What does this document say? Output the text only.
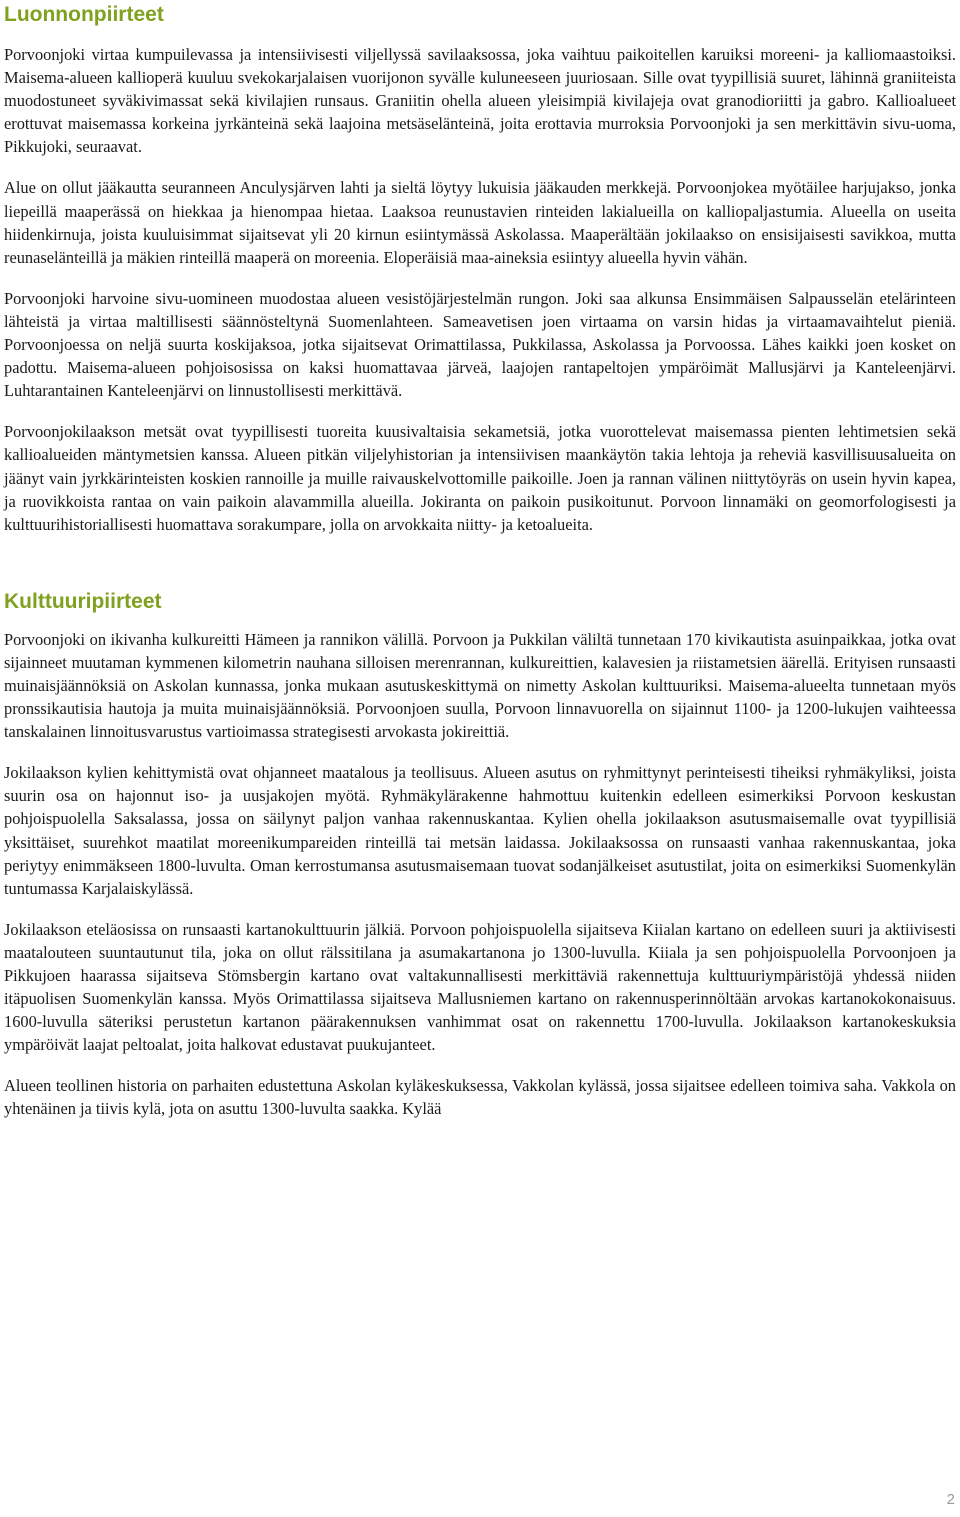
Luonnonpiirteet

Porvoonjoki virtaa kumpuilevassa ja intensiivisesti viljellyssä savilaaksossa, joka vaihtuu paikoitellen karuiksi moreeni- ja kalliomaastoiksi. Maisema-alueen kallioperä kuuluu svekokarjalaisen vuorijonon syvälle kuluneeseen juuriosaan. Sille ovat tyypillisiä suuret, lähinnä graniiteista muodostuneet syväkivimassat sekä kivilajien runsaus. Graniitin ohella alueen yleisimpiä kivilajeja ovat granodioriitti ja gabro. Kallioalueet erottuvat maisemassa korkeina jyrkänteinä sekä laajoina metsäselänteinä, joita erottavia murroksia Porvoonjoki ja sen merkittävin sivu-uoma, Pikkujoki, seuraavat.

Alue on ollut jääkautta seuranneen Anculysjärven lahti ja sieltä löytyy lukuisia jääkauden merkkejä. Porvoonjokea myötäilee harjujakso, jonka liepeillä maaperässä on hiekkaa ja hienompaa hietaa. Laaksoa reunustavien rinteiden lakialueilla on kalliopaljastumia. Alueella on useita hiidenkirnuja, joista kuuluisimmat sijaitsevat yli 20 kirnun esiintymässä Askolassa. Maaperältään jokilaakso on ensisijaisesti savikkoa, mutta reunaselänteillä ja mäkien rinteillä maaperä on moreenia. Eloperäisiä maa-aineksia esiintyy alueella hyvin vähän.

Porvoonjoki harvoine sivu-uomineen muodostaa alueen vesistöjärjestelmän rungon. Joki saa alkunsa Ensimmäisen Salpausselän etelärinteen lähteistä ja virtaa maltillisesti säännösteltynä Suomenlahteen. Sameavetisen joen virtaama on varsin hidas ja virtaamavaihtelut pieniä. Porvoonjoessa on neljä suurta koskijaksoa, jotka sijaitsevat Orimattilassa, Pukkilassa, Askolassa ja Porvoossa. Lähes kaikki joen kosket on padottu. Maisema-alueen pohjoisosissa on kaksi huomattavaa järveä, laajojen rantapeltojen ympäröimät Mallusjärvi ja Kanteleenjärvi. Luhtarantainen Kanteleenjärvi on linnustollisesti merkittävä.

Porvoonjokilaakson metsät ovat tyypillisesti tuoreita kuusivaltaisia sekametsiä, jotka vuorottelevat maisemassa pienten lehtimetsien sekä kallioalueiden mäntymetsien kanssa. Alueen pitkän viljelyhistorian ja intensiivisen maankäytön takia lehtoja ja reheviä kasvillisuusalueita on jäänyt vain jyrkkärinteisten koskien rannoille ja muille raivauskelvottomille paikoille. Joen ja rannan välinen niittytöyräs on usein hyvin kapea, ja ruovikkoista rantaa on vain paikoin alavammilla alueilla. Jokiranta on paikoin pusikoitunut. Porvoon linnamäki on geomorfologisesti ja kulttuurihistoriallisesti huomattava sorakumpare, jolla on arvokkaita niitty- ja ketoalueita.

Kulttuuripiirteet

Porvoonjoki on ikivanha kulkureitti Hämeen ja rannikon välillä. Porvoon ja Pukkilan väliltä tunnetaan 170 kivikautista asuinpaikkaa, jotka ovat sijainneet muutaman kymmenen kilometrin nauhana silloisen merenrannan, kulkureittien, kalavesien ja riistametsien äärellä. Erityisen runsaasti muinaisjäännöksiä on Askolan kunnassa, jonka mukaan asutuskeskittymä on nimetty Askolan kulttuuriksi. Maisema-alueelta tunnetaan myös pronssikautisia hautoja ja muita muinaisjäännöksiä. Porvoonjoen suulla, Porvoon linnavuorella on sijainnut 1100- ja 1200-lukujen vaihteessa tanskalainen linnoitusvarustus vartioimassa strategisesti arvokasta jokireittiä.

Jokilaakson kylien kehittymistä ovat ohjanneet maatalous ja teollisuus. Alueen asutus on ryhmittynyt perinteisesti tiheiksi ryhmäkyliksi, joista suurin osa on hajonnut iso- ja uusjakojen myötä. Ryhmäkylärakenne hahmottuu kuitenkin edelleen esimerkiksi Porvoon keskustan pohjoispuolella Saksalassa, jossa on säilynyt paljon vanhaa rakennuskantaa. Kylien ohella jokilaakson asutusmaisemalle ovat tyypillisiä yksittäiset, suurehkot maatilat moreenikumpareiden rinteillä tai metsän laidassa. Jokilaaksossa on runsaasti vanhaa rakennuskantaa, joka periytyy enimmäkseen 1800-luvulta. Oman kerrostumansa asutusmaisemaan tuovat sodanjälkeiset asutustilat, joita on esimerkiksi Suomenkylän tuntumassa Karjalaiskylässä.

Jokilaakson eteläosissa on runsaasti kartanokulttuurin jälkiä. Porvoon pohjoispuolella sijaitseva Kiialan kartano on edelleen suuri ja aktiivisesti maatalouteen suuntautunut tila, joka on ollut rälssitilana ja asumakartanona jo 1300-luvulla. Kiiala ja sen pohjoispuolella Porvoonjoen ja Pikkujoen haarassa sijaitseva Stömsbergin kartano ovat valtakunnallisesti merkittäviä rakennettuja kulttuuriympäristöjä yhdessä niiden itäpuolisen Suomenkylän kanssa. Myös Orimattilassa sijaitseva Mallusniemen kartano on rakennusperinnöltään arvokas kartanokokonaisuus. 1600-luvulla säteriksi perustetun kartanon päärakennuksen vanhimmat osat on rakennettu 1700-luvulla. Jokilaakson kartanokeskuksia ympäröivät laajat peltoalat, joita halkovat edustavat puukujanteet.

Alueen teollinen historia on parhaiten edustettuna Askolan kyläkeskuksessa, Vakkolan kylässä, jossa sijaitsee edelleen toimiva saha. Vakkola on yhtenäinen ja tiivis kylä, jota on asuttu 1300-luvulta saakka. Kylää

2
